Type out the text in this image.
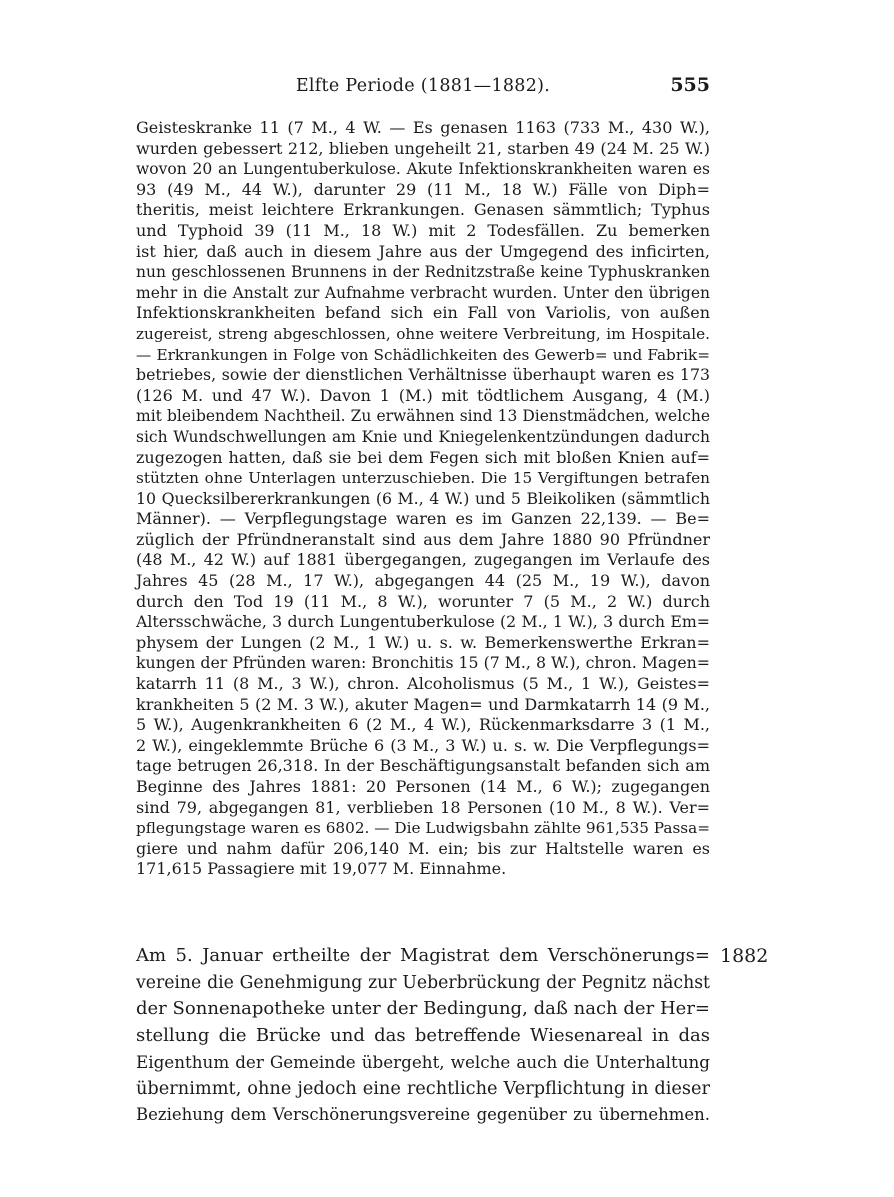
Elfte Periode (1881—1882).	555
Geisteskranke 11 (7 M., 4 W. — Es genasen 1163 (733 M., 430 W.),
wurden gebessert 212, blieben ungeheilt 21, starben 49 (24 M. 25 W.)
wovon 20 an Lungentuberkulose. Akute Infektionskrankheiten waren es
93 (49 M., 44 W.), darunter 29 (11 M., 18 W.) Fälle von Diph=
theritis, meist leichtere Erkrankungen. Genasen sämmtlich; Typhus
und Typhoid 39 (11 M., 18 W.) mit 2 Todesfällen. Zu bemerken
ist hier, daß auch in diesem Jahre aus der Umgegend des inficirten,
nun geschlossenen Brunnens in der Rednitzstraße keine Typhuskranken
mehr in die Anstalt zur Aufnahme verbracht wurden. Unter den übrigen
Infektionskrankheiten befand sich ein Fall von Variolis, von außen
zugereist, streng abgeschlossen, ohne weitere Verbreitung, im Hospitale.
— Erkrankungen in Folge von Schädlichkeiten des Gewerb= und Fabrik=
betriebes, sowie der dienstlichen Verhältnisse überhaupt waren es 173
(126 M. und 47 W.). Davon 1 (M.) mit tödtlichem Ausgang, 4 (M.)
mit bleibendem Nachtheil. Zu erwähnen sind 13 Dienstmädchen, welche
sich Wundschwellungen am Knie und Kniegelenkentzündungen dadurch
zugezogen hatten, daß sie bei dem Fegen sich mit bloßen Knien auf=
stützten ohne Unterlagen unterzuschieben. Die 15 Vergiftungen betrafen
10 Quecksilbererkrankungen (6 M., 4 W.) und 5 Bleikoliken (sämmtlich
Männer). — Verpflegungstage waren es im Ganzen 22,139. — Be=
züglich der Pfründneranstalt sind aus dem Jahre 1880 90 Pfründner
(48 M., 42 W.) auf 1881 übergegangen, zugegangen im Verlaufe des
Jahres 45 (28 M., 17 W.), abgegangen 44 (25 M., 19 W.), davon
durch den Tod 19 (11 M., 8 W.), worunter 7 (5 M., 2 W.) durch
Altersschwäche, 3 durch Lungentuberkulose (2 M., 1 W.), 3 durch Em=
physem der Lungen (2 M., 1 W.) u. s. w. Bemerkenswerthe Erkran=
kungen der Pfründen waren: Bronchitis 15 (7 M., 8 W.), chron. Magen=
katarrh 11 (8 M., 3 W.), chron. Alcoholismus (5 M., 1 W.), Geistes=
krankheiten 5 (2 M. 3 W.), akuter Magen= und Darmkatarrh 14 (9 M.,
5 W.), Augenkrankheiten 6 (2 M., 4 W.), Rückenmarksdarre 3 (1 M.,
2 W.), eingeklemmte Brüche 6 (3 M., 3 W.) u. s. w. Die Verpflegungs=
tage betrugen 26,318. In der Beschäftigungsanstalt befanden sich am
Beginne des Jahres 1881: 20 Personen (14 M., 6 W.); zugegangen
sind 79, abgegangen 81, verblieben 18 Personen (10 M., 8 W.). Ver=
pflegungstage waren es 6802. — Die Ludwigsbahn zählte 961,535 Passa=
giere und nahm dafür 206,140 M. ein; bis zur Haltstelle waren es
171,615 Passagiere mit 19,077 M. Einnahme.
1882
Am 5. Januar ertheilte der Magistrat dem Verschönerungs=
vereine die Genehmigung zur Ueberbrückung der Pegnitz nächst
der Sonnenapotheke unter der Bedingung, daß nach der Her=
stellung die Brücke und das betreffende Wiesenareal in das
Eigenthum der Gemeinde übergeht, welche auch die Unterhaltung
übernimmt, ohne jedoch eine rechtliche Verpflichtung in dieser
Beziehung dem Verschönerungsvereine gegenüber zu übernehmen.
